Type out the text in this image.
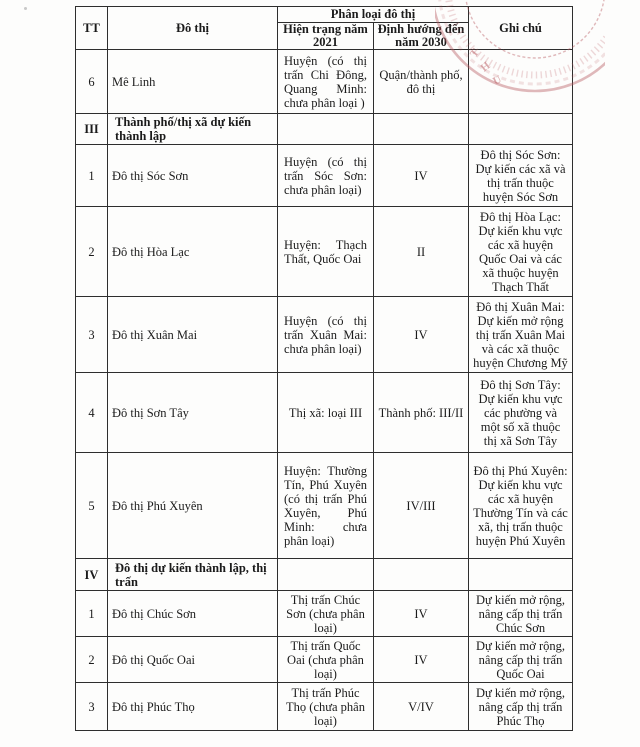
TT	Đô thị	Phân loại đô thị		Ghi chú
		Hiện trạng năm 2021	Định hướng đến năm 2030	
6	Mê Linh	Huyện (có thị trấn Chi Đông, Quang Minh: chưa phân loại )	Quận/thành phố, đô thị	
III	Thành phố/thị xã dự kiến thành lập			
1	Đô thị Sóc Sơn	Huyện (có thị trấn Sóc Sơn: chưa phân loại)	IV	Đô thị Sóc Sơn: Dự kiến các xã và thị trấn thuộc huyện Sóc Sơn
2	Đô thị Hòa Lạc	Huyện: Thạch Thất, Quốc Oai	II	Đô thị Hòa Lạc: Dự kiến khu vực các xã huyện Quốc Oai và các xã thuộc huyện Thạch Thất
3	Đô thị Xuân Mai	Huyện (có thị trấn Xuân Mai: chưa phân loại)	IV	Đô thị Xuân Mai: Dự kiến mở rộng thị trấn Xuân Mai và các xã thuộc huyện Chương Mỹ
4	Đô thị Sơn Tây	Thị xã: loại III	Thành phố: III/II	Đô thị Sơn Tây: Dự kiến khu vực các phường và một số xã thuộc thị xã Sơn Tây
5	Đô thị Phú Xuyên	Huyện: Thường Tín, Phú Xuyên (có thị trấn Phú Xuyên, Phú Minh: chưa phân loại)	IV/III	Đô thị Phú Xuyên: Dự kiến khu vực các xã huyện Thường Tín và các xã, thị trấn thuộc huyện Phú Xuyên
IV	Đô thị dự kiến thành lập, thị trấn			
1	Đô thị Chúc Sơn	Thị trấn Chúc Sơn (chưa phân loại)	IV	Dự kiến mở rộng, nâng cấp thị trấn Chúc Sơn
2	Đô thị Quốc Oai	Thị trấn Quốc Oai (chưa phân loại)	IV	Dự kiến mở rộng, nâng cấp thị trấn Quốc Oai
3	Đô thị Phúc Thọ	Thị trấn Phúc Thọ (chưa phân loại)	V/IV	Dự kiến mở rộng, nâng cấp thị trấn Phúc Thọ
T
H
U
